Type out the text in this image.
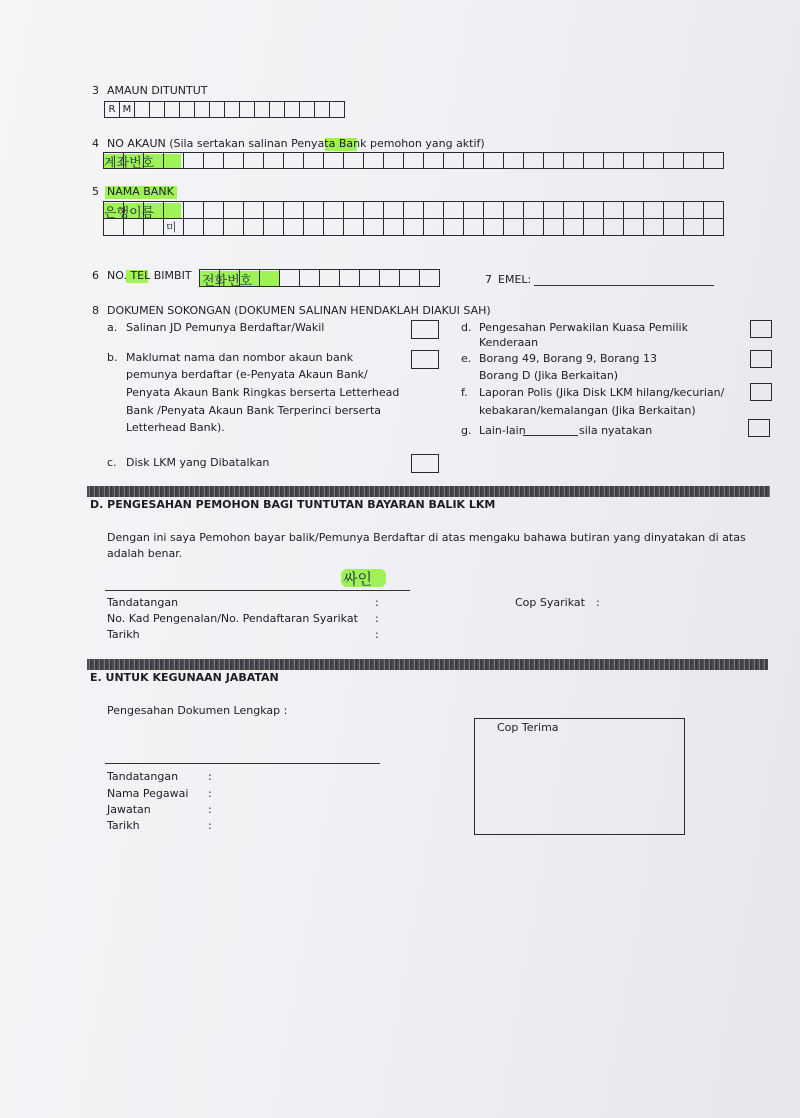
3 AMAUN DITUNTUT
R M
4 NO AKAUN (Sila sertakan salinan Penyata Bank pemohon yang aktif)
계좌번호
5 NAMA BANK
은행이름
미
6 NO. TEL BIMBIT 전화번호	7 EMEL:
8 DOKUMEN SOKONGAN (DOKUMEN SALINAN HENDAKLAH DIAKUI SAH)
a. Salinan JD Pemunya Berdaftar/Wakil
b. Maklumat nama dan nombor akaun bank
pemunya berdaftar (e-Penyata Akaun Bank/
Penyata Akaun Bank Ringkas berserta Letterhead
Bank /Penyata Akaun Bank Terperinci berserta
Letterhead Bank).
c. Disk LKM yang Dibatalkan
d. Pengesahan Perwakilan Kuasa Pemilik
Kenderaan
e. Borang 49, Borang 9, Borang 13
Borang D (Jika Berkaitan)
f. Laporan Polis (Jika Disk LKM hilang/kecurian/
kebakaran/kemalangan (Jika Berkaitan)
g. Lain-lain	sila nyatakan
D. PENGESAHAN PEMOHON BAGI TUNTUTAN BAYARAN BALIK LKM
Dengan ini saya Pemohon bayar balik/Pemunya Berdaftar di atas mengaku bahawa butiran yang dinyatakan di atas
adalah benar.
싸인
Tandatangan	:
No. Kad Pengenalan/No. Pendaftaran Syarikat :
Tarikh	:
Cop Syarikat :
E. UNTUK KEGUNAAN JABATAN
Pengesahan Dokumen Lengkap :
Tandatangan	:
Nama Pegawai :
Jawatan	:
Tarikh	:
Cop Terima
